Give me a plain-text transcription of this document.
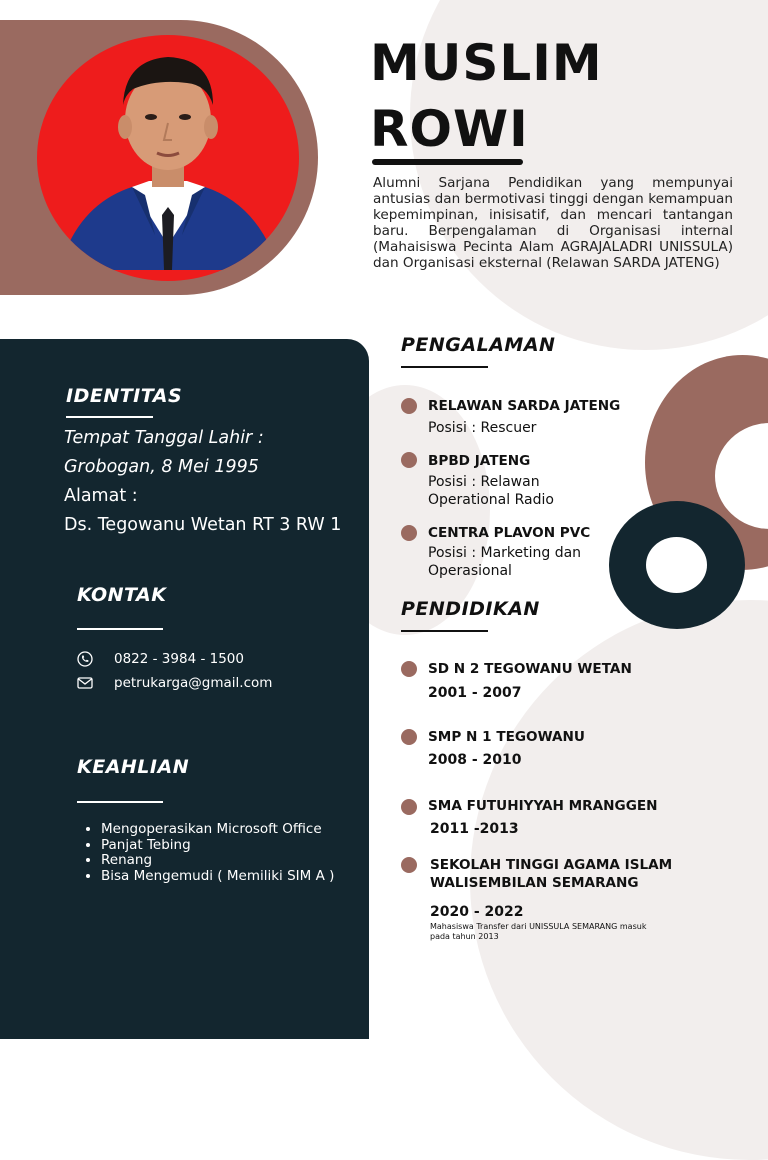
MUSLIM
ROWI
Alumni Sarjana Pendidikan yang mempunyai antusias dan bermotivasi tinggi dengan kemampuan kepemimpinan, inisisatif, dan mencari tantangan baru. Berpengalaman di Organisasi internal (Mahaisiswa Pecinta Alam AGRAJALADRI UNISSULA) dan Organisasi eksternal (Relawan SARDA JATENG)
IDENTITAS
Tempat Tanggal Lahir :
Grobogan, 8 Mei 1995
Alamat :
Ds. Tegowanu Wetan RT 3 RW 1
KONTAK
0822 - 3984 - 1500
petrukarga@gmail.com
KEAHLIAN
• Mengoperasikan Microsoft Office
• Panjat Tebing
• Renang
• Bisa Mengemudi ( Memiliki SIM A )
PENGALAMAN
RELAWAN SARDA JATENG
Posisi : Rescuer
BPBD JATENG
Posisi : Relawan Operational Radio
CENTRA PLAVON PVC
Posisi : Marketing dan Operasional
PENDIDIKAN
SD N 2 TEGOWANU WETAN
2001 - 2007
SMP N 1 TEGOWANU
2008 - 2010
SMA FUTUHIYYAH MRANGGEN
2011 -2013
SEKOLAH TINGGI AGAMA ISLAM WALISEMBILAN SEMARANG
2020 - 2022
Mahasiswa Transfer dari UNISSULA SEMARANG masuk pada tahun 2013
